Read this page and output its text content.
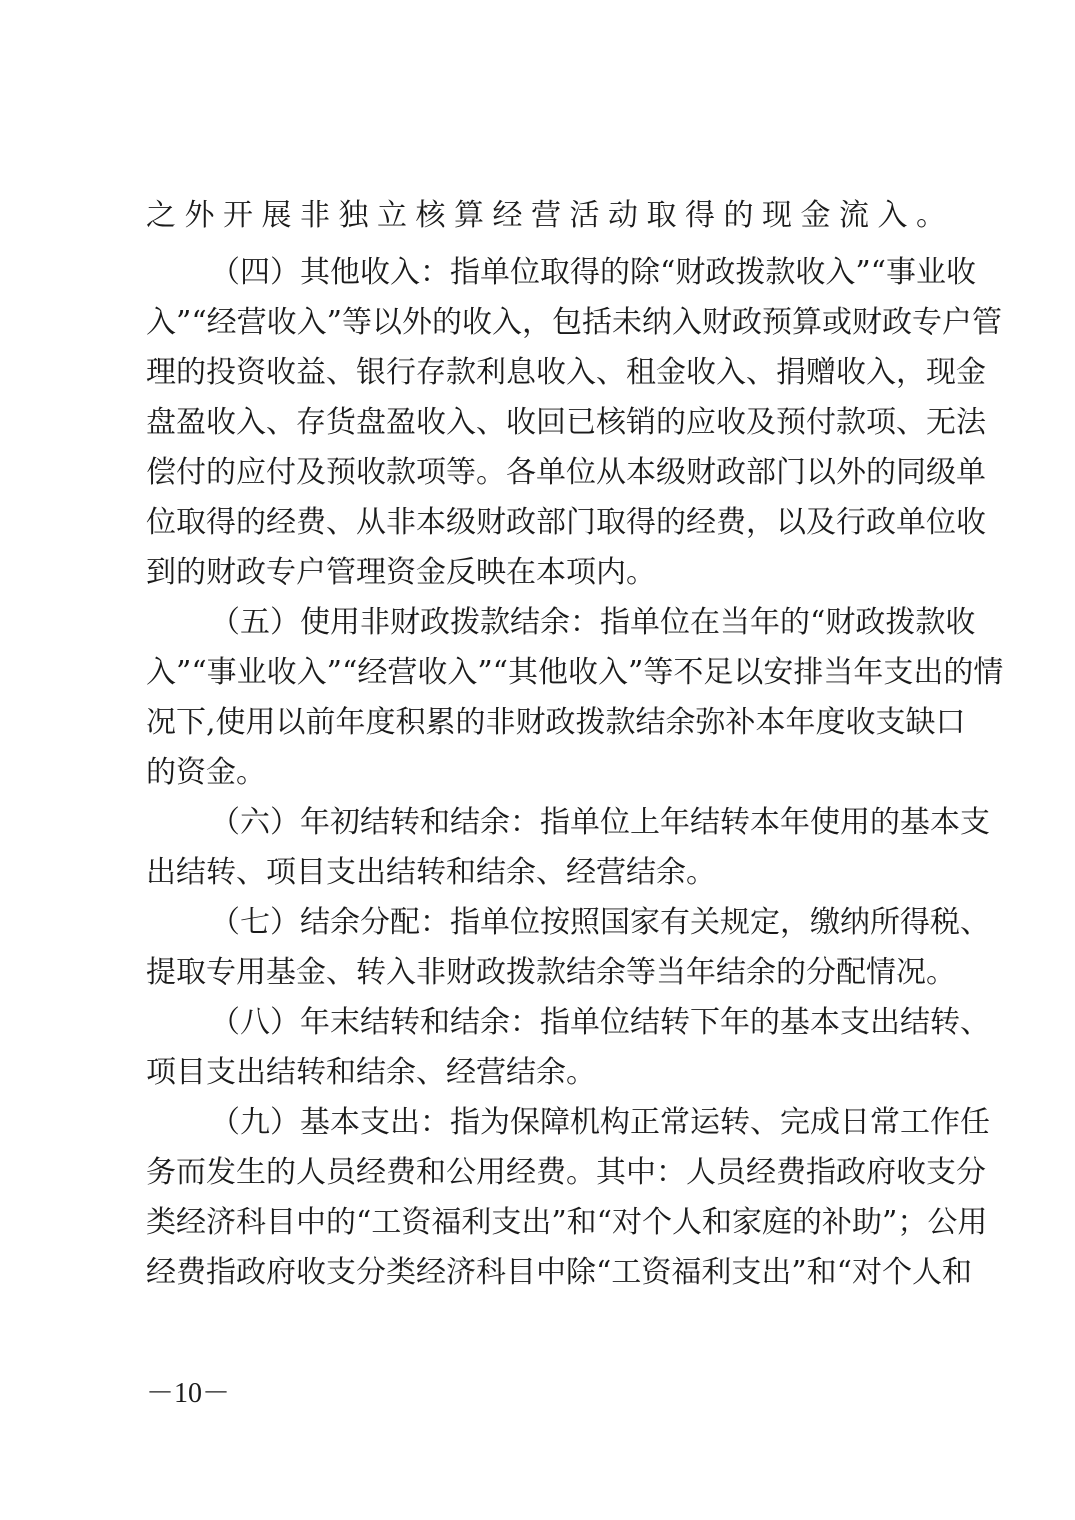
之外开展非独立核算经营活动取得的现金流入。
（四）其他收入：指单位取得的除“财政拨款收入”“事业收
入”“经营收入”等以外的收入，包括未纳入财政预算或财政专户管
理的投资收益、银行存款利息收入、租金收入、捐赠收入，现金
盘盈收入、存货盘盈收入、收回已核销的应收及预付款项、无法
偿付的应付及预收款项等。各单位从本级财政部门以外的同级单
位取得的经费、从非本级财政部门取得的经费，以及行政单位收
到的财政专户管理资金反映在本项内。
（五）使用非财政拨款结余：指单位在当年的“财政拨款收
入”“事业收入”“经营收入”“其他收入”等不足以安排当年支出的情
况下,使用以前年度积累的非财政拨款结余弥补本年度收支缺口
的资金。
（六）年初结转和结余：指单位上年结转本年使用的基本支
出结转、项目支出结转和结余、经营结余。
（七）结余分配：指单位按照国家有关规定，缴纳所得税、
提取专用基金、转入非财政拨款结余等当年结余的分配情况。
（八）年末结转和结余：指单位结转下年的基本支出结转、
项目支出结转和结余、经营结余。
（九）基本支出：指为保障机构正常运转、完成日常工作任
务而发生的人员经费和公用经费。其中：人员经费指政府收支分
类经济科目中的“工资福利支出”和“对个人和家庭的补助”；公用
经费指政府收支分类经济科目中除“工资福利支出”和“对个人和
－10－
